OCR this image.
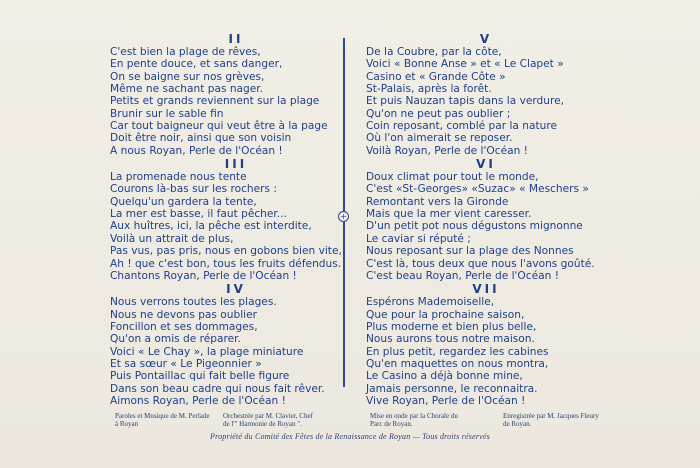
II
C'est bien la plage de rêves,
En pente douce, et sans danger,
On se baigne sur nos grèves,
Même ne sachant pas nager.
Petits et grands reviennent sur la plage
Brunir sur le sable fin
Car tout baigneur qui veut être à la page
Doit être noir, ainsi que son voisin
A nous Royan, Perle de l'Océan !
III
La promenade nous tente
Courons là-bas sur les rochers :
Quelqu'un gardera la tente,
La mer est basse, il faut pêcher...
Aux huîtres, ici, la pêche est interdite,
Voilà un attrait de plus,
Pas vus, pas pris, nous en gobons bien vite,
Ah ! que c'est bon, tous les fruits défendus.
Chantons Royan, Perle de l'Océan !
IV
Nous verrons toutes les plages.
Nous ne devons pas oublier
Foncillon et ses dommages,
Qu'on a omis de réparer.
Voici « Le Chay », la plage miniature
Et sa sœur « Le Pigeonnier »
Puis Pontaillac qui fait belle figure
Dans son beau cadre qui nous fait rêver.
Aimons Royan, Perle de l'Océan !
+
V
De la Coubre, par la côte,
Voici « Bonne Anse » et « Le Clapet »
Casino et « Grande Côte »
St-Palais, après la forêt.
Et puis Nauzan tapis dans la verdure,
Qu'on ne peut pas oublier ;
Coin reposant, comblé par la nature
Où l'on aimerait se reposer.
Voilà Royan, Perle de l'Océan !
VI
Doux climat pour tout le monde,
C'est «St-Georges» «Suzac» « Meschers »
Remontant vers la Gironde
Mais que la mer vient caresser.
D'un petit pot nous dégustons mignonne
Le caviar si réputé ;
Nous reposant sur la plage des Nonnes
C'est là, tous deux que nous l'avons goûté.
C'est beau Royan, Perle de l'Océan !
VII
Espérons Mademoiselle,
Que pour la prochaine saison,
Plus moderne et bien plus belle,
Nous aurons tous notre maison.
En plus petit, regardez les cabines
Qu'en maquettes on nous montra,
Le Casino a déjà bonne mine,
Jamais personne, le reconnaitra.
Vive Royan, Perle de l'Océan !
Paroles et Musique de M. Perlade
à Royan
Orchestrée par M. Clavier, Chef
de l'" Harmonie de Royan ".
Mise en onde par la Chorale du
Parc de Royan.
Enregistrée par M. Jacques Fleury
de Royan.
Propriété du Comité des Fêtes de la Renaissance de Royan — Tous droits réservés
